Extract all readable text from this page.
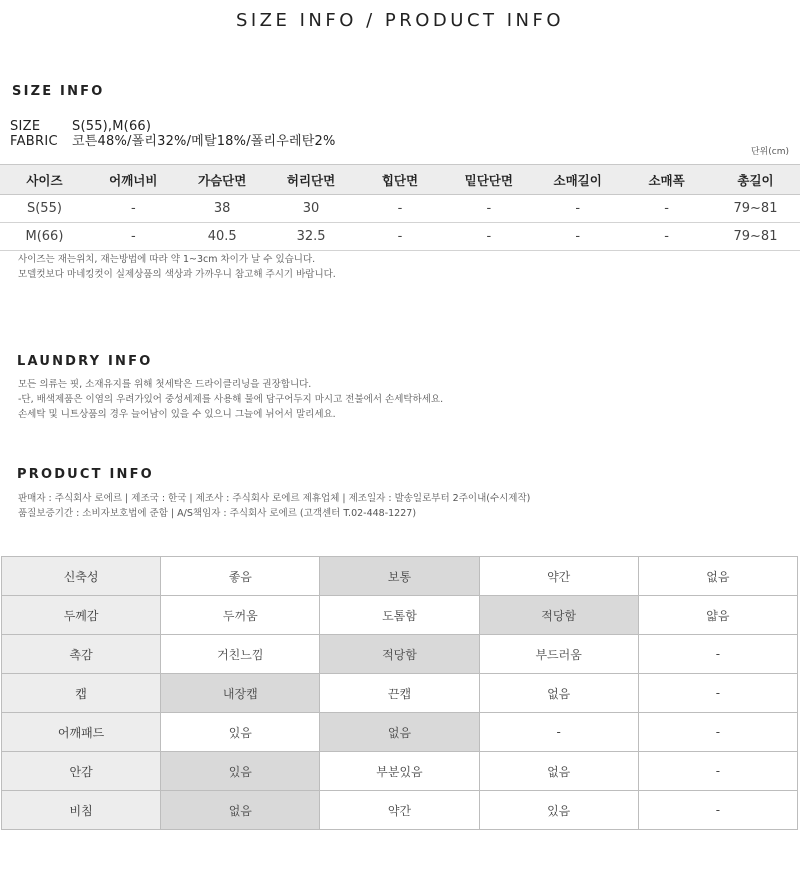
SIZE INFO / PRODUCT INFO
SIZE INFO
SIZE	S(55),M(66)
FABRIC	코튼48%/폴리32%/메탈18%/폴리우레탄2%
단위(cm)
사이즈	어깨너비	가슴단면	허리단면	힙단면	밑단단면	소매길이	소매폭	총길이
S(55)	-	38	30	-	-	-	-	79~81
M(66)	-	40.5	32.5	-	-	-	-	79~81
사이즈는 재는위치, 재는방법에 따라 약 1~3cm 차이가 날 수 있습니다.
모델컷보다 마네킹컷이 실제상품의 색상과 가까우니 참고해 주시기 바랍니다.
LAUNDRY INFO
모든 의류는 핏, 소재유지를 위해 첫세탁은 드라이클리닝을 권장합니다.
-단, 배색제품은 이염의 우려가있어 중성세제를 사용해 물에 담구어두지 마시고 전불에서 손세탁하세요.
손세탁 및 니트상품의 경우 늘어남이 있을 수 있으니 그늘에 뉘어서 말리세요.
PRODUCT INFO
판매자 : 주식회사 로에르 | 제조국 : 한국 | 제조사 : 주식회사 로에르 제휴업체 | 제조일자 : 발송일로부터 2주이내(수시제작)
품질보증기간 : 소비자보호법에 준함 | A/S책임자 : 주식회사 로에르 (고객센터 T.02-448-1227)
신축성	좋음	보통	약간	없음
두께감	두꺼움	도톰함	적당함	얇음
촉감	거친느낌	적당함	부드러움	-
캡	내장캡	끈캡	없음	-
어깨패드	있음	없음	-	-
안감	있음	부분있음	없음	-
비침	없음	약간	있음	-
